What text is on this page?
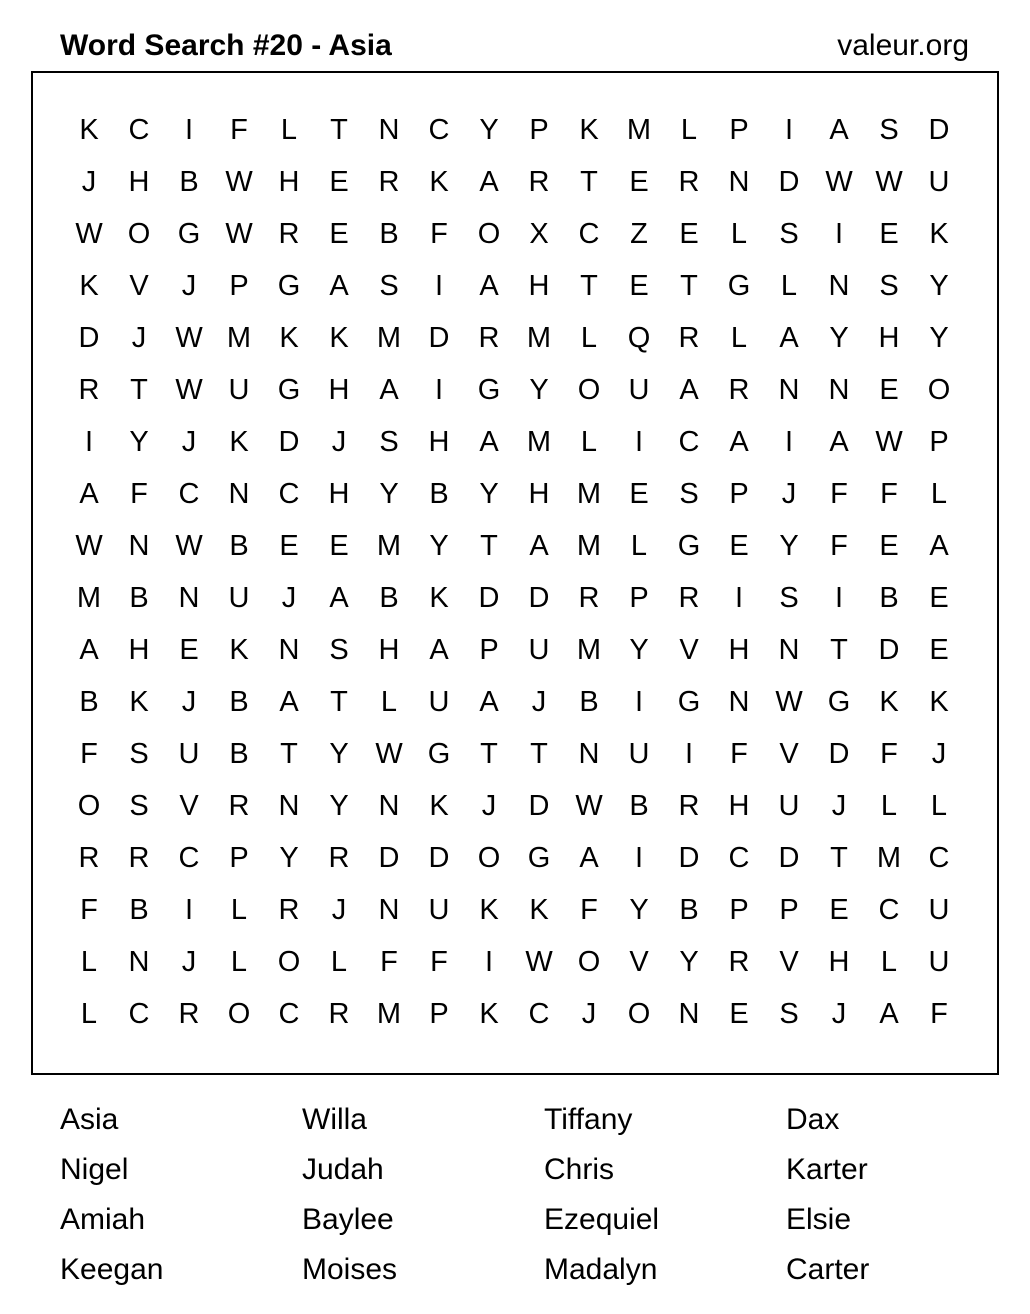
Word Search #20 - Asia	valeur.org
K	C	I	F	L	T	N	C	Y	P	K M	L	P	I	A	S	D
J	H	B W H	E	R	K	A	R	T	E	R	N	D W W U
W O G W R	E	B	F	O	X	C	Z	E	L	S	I	E	K
K	V	J	P	G	A	S	I	A	H	T	E	T	G	L	N	S	Y
D	J	W M K	K M D	R M	L	Q R	L	A	Y	H	Y
R	T W U G H	A	I	G	Y	O U	A	R	N	N	E	O
I	Y	J	K	D	J	S	H	A M	L	I	C	A	I	A W P
A	F	C	N	C	H	Y	B	Y	H M E	S	P	J	F	F	L
W N W B	E	E M Y	T	A M	L	G	E	Y	F	E	A
M B	N	U	J	A	B	K	D	D	R	P	R	I	S	I	B	E
A	H	E	K	N	S	H	A	P	U M Y	V	H	N	T	D	E
B	K	J	B	A	T	L	U	A	J	B	I	G N W G	K	K
F	S	U	B	T	Y W G	T	T	N	U	I	F	V	D	F	J
O	S	V	R	N	Y	N	K	J	D W B	R	H	U	J	L	L
R	R	C	P	Y	R	D	D O G	A	I	D	C	D	T	M C
F	B	I	L	R	J	N	U	K	K	F	Y	B	P	P	E	C	U
L	N	J	L	O	L	F	F	I	W O	V	Y	R	V	H	L	U
L	C	R O C	R M P	K	C	J	O N	E	S	J	A	F
Asia	Willa	Tiffany	Dax
Nigel	Judah	Chris	Karter
Amiah	Baylee	Ezequiel	Elsie
Keegan	Moises	Madalyn	Carter
